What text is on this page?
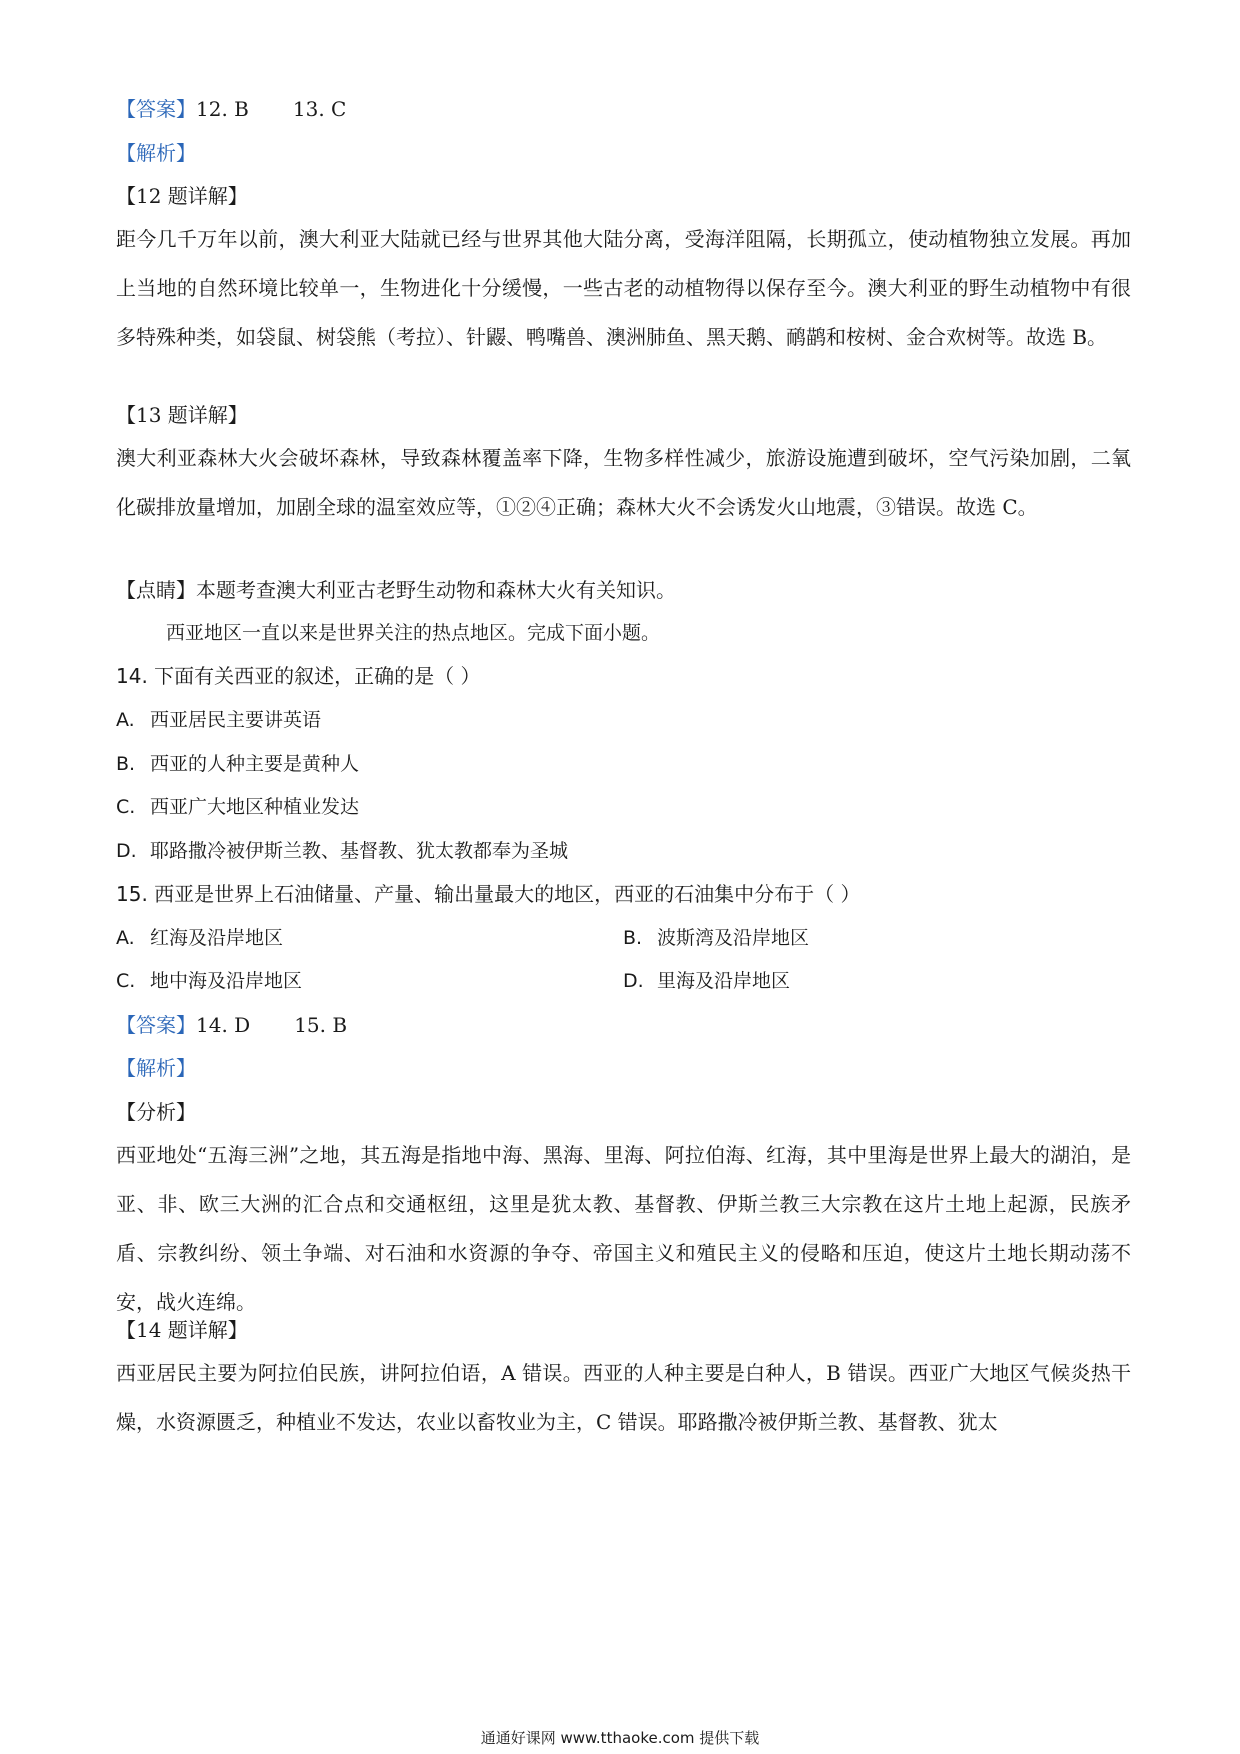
【答案】12. B 13. C
【解析】
【12 题详解】
距今几千万年以前，澳大利亚大陆就已经与世界其他大陆分离，受海洋阻隔，长期孤立，使动植物独立发展。再加上当地的自然环境比较单一，生物进化十分缓慢，一些古老的动植物得以保存至今。澳大利亚的野生动植物中有很多特殊种类，如袋鼠、树袋熊（考拉）、针鼹、鸭嘴兽、澳洲肺鱼、黑天鹅、鸸鹋和桉树、金合欢树等。故选 B。
【13 题详解】
澳大利亚森林大火会破坏森林，导致森林覆盖率下降，生物多样性减少，旅游设施遭到破坏，空气污染加剧，二氧化碳排放量增加，加剧全球的温室效应等，①②④正确；森林大火不会诱发火山地震，③错误。故选 C。
【点睛】本题考查澳大利亚古老野生动物和森林大火有关知识。
西亚地区一直以来是世界关注的热点地区。完成下面小题。
14. 下面有关西亚的叙述，正确的是（ ）
A. 西亚居民主要讲英语
B. 西亚的人种主要是黄种人
C. 西亚广大地区种植业发达
D. 耶路撒冷被伊斯兰教、基督教、犹太教都奉为圣城
15. 西亚是世界上石油储量、产量、输出量最大的地区，西亚的石油集中分布于（ ）
A. 红海及沿岸地区	B. 波斯湾及沿岸地区
C. 地中海及沿岸地区	D. 里海及沿岸地区
【答案】14. D 15. B
【解析】
【分析】
西亚地处“五海三洲”之地，其五海是指地中海、黑海、里海、阿拉伯海、红海，其中里海是世界上最大的湖泊，是亚、非、欧三大洲的汇合点和交通枢纽，这里是犹太教、基督教、伊斯兰教三大宗教在这片土地上起源，民族矛盾、宗教纠纷、领土争端、对石油和水资源的争夺、帝国主义和殖民主义的侵略和压迫，使这片土地长期动荡不安，战火连绵。
【14 题详解】
西亚居民主要为阿拉伯民族，讲阿拉伯语，A 错误。西亚的人种主要是白种人，B 错误。西亚广大地区气候炎热干燥，水资源匮乏，种植业不发达，农业以畜牧业为主，C 错误。耶路撒冷被伊斯兰教、基督教、犹太
通通好课网 www.tthaoke.com 提供下载
